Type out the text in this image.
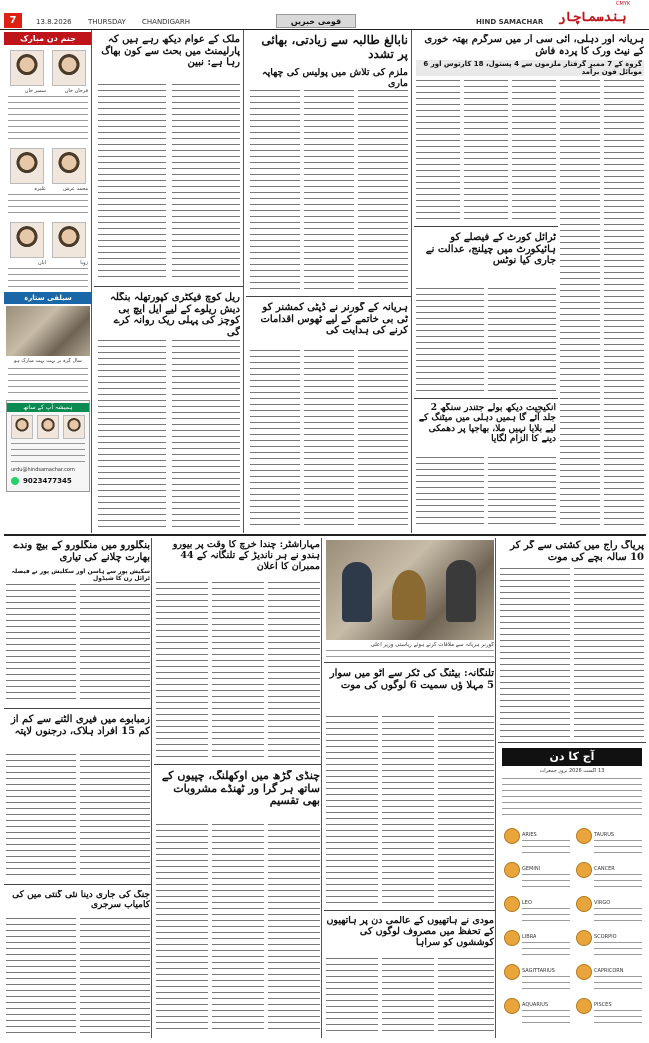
7	13.8.2026 THURSDAY CHANDIGARH	قومی خبریں	HIND SAMACHAR ہندسماچار
CMYK
جنم دن مبارک
سمیر خان	فرحان خان
علیزہ	محمد عرش
ایان	زویا
سیلفی ستارہ
سال گرہ پر بہت بہت مبارک ہو
ہمیشہ آپ کے ساتھ
urdu@hindsamachar.com
9023477345
ملک کے عوام دیکھ رہے ہیں کہ پارلیمنٹ میں بحث سے کون بھاگ رہا ہے: نبین
ریل کوچ فیکٹری کپورتھلہ بنگلہ دیش ریلوے کے لیے ایل ایچ بی کوچز کی پہلی ریک روانہ کرے گی
نابالغ طالبہ سے زیادتی، بھائی پر تشدد
ملزم کی تلاش میں پولیس کی چھاپہ ماری
ہریانہ کے گورنر نے ڈپٹی کمشنر کو ٹی بی خاتمے کے لیے ٹھوس اقدامات کرنے کی ہدایت کی
ہریانہ اور دہلی، آئی سی آر میں سرگرم بھتہ خوری کے نیٹ ورک کا پردہ فاش
گروہ کے 7 ممبر گرفتار ملزموں سے 4 پستول، 18 کارتوس اور 6 موبائل فون برآمد
ٹرائل کورٹ کے فیصلے کو ہائیکورٹ میں چیلنج، عدالت نے جاری کیا نوٹس
انکیجیت دیکھ بولے جتندر سنگھ 2 جلد آئے گا ہمیں دہلی میں میٹنگ کے لیے بلایا نہیں ملا، بھاجپا پر دھمکی دینے کا الزام لگایا
بنگلورو میں منگلورو کے بیچ وندے بھارت چلانے کی تیاری
سکیش پور سے ہاسن اور سکلیش پور نے فیصلہ ٹرائل رن کا شیڈول
زمبابوے میں فیری الٹنے سے کم از کم 15 افراد ہلاک، درجنوں لاپتہ
جنگ کی جاری دینا نئی گنتی میں کی کامیاب سرجری
مہاراشٹر: چندا خرچ کا وقت پر بیورو ہندو نے ہر ناندیڑ کے تلنگانہ کے 44 ممبران کا اعلان
چنڈی گڑھ میں اوکھلنگ، چپیوں کے ساتھ ہر گرا ور ٹھنڈے مشروبات بھی تقسیم
گورنر ہریانہ سے ملاقات کرتے ہوئے ریاستی وزیر اعلی
تلنگانہ: بیٹنگ کی ٹکر سے آٹو میں سوار 5 مہلا ؤں سمیت 6 لوگوں کی موت
مودی نے ہاتھیوں کے عالمی دن پر ہاتھیوں کے تحفظ میں مصروف لوگوں کی کوششوں کو سراہا
پریاگ راج میں کشتی سے گر کر 10 سالہ بچے کی موت
آج کا دن
13 اگست 2026 بروز جمعرات
ARIES	TAURUS
GEMINI	CANCER
LEO	VIRGO
LIBRA	SCORPIO
SAGITTARIUS	CAPRICORN
AQUARIUS	PISCES
